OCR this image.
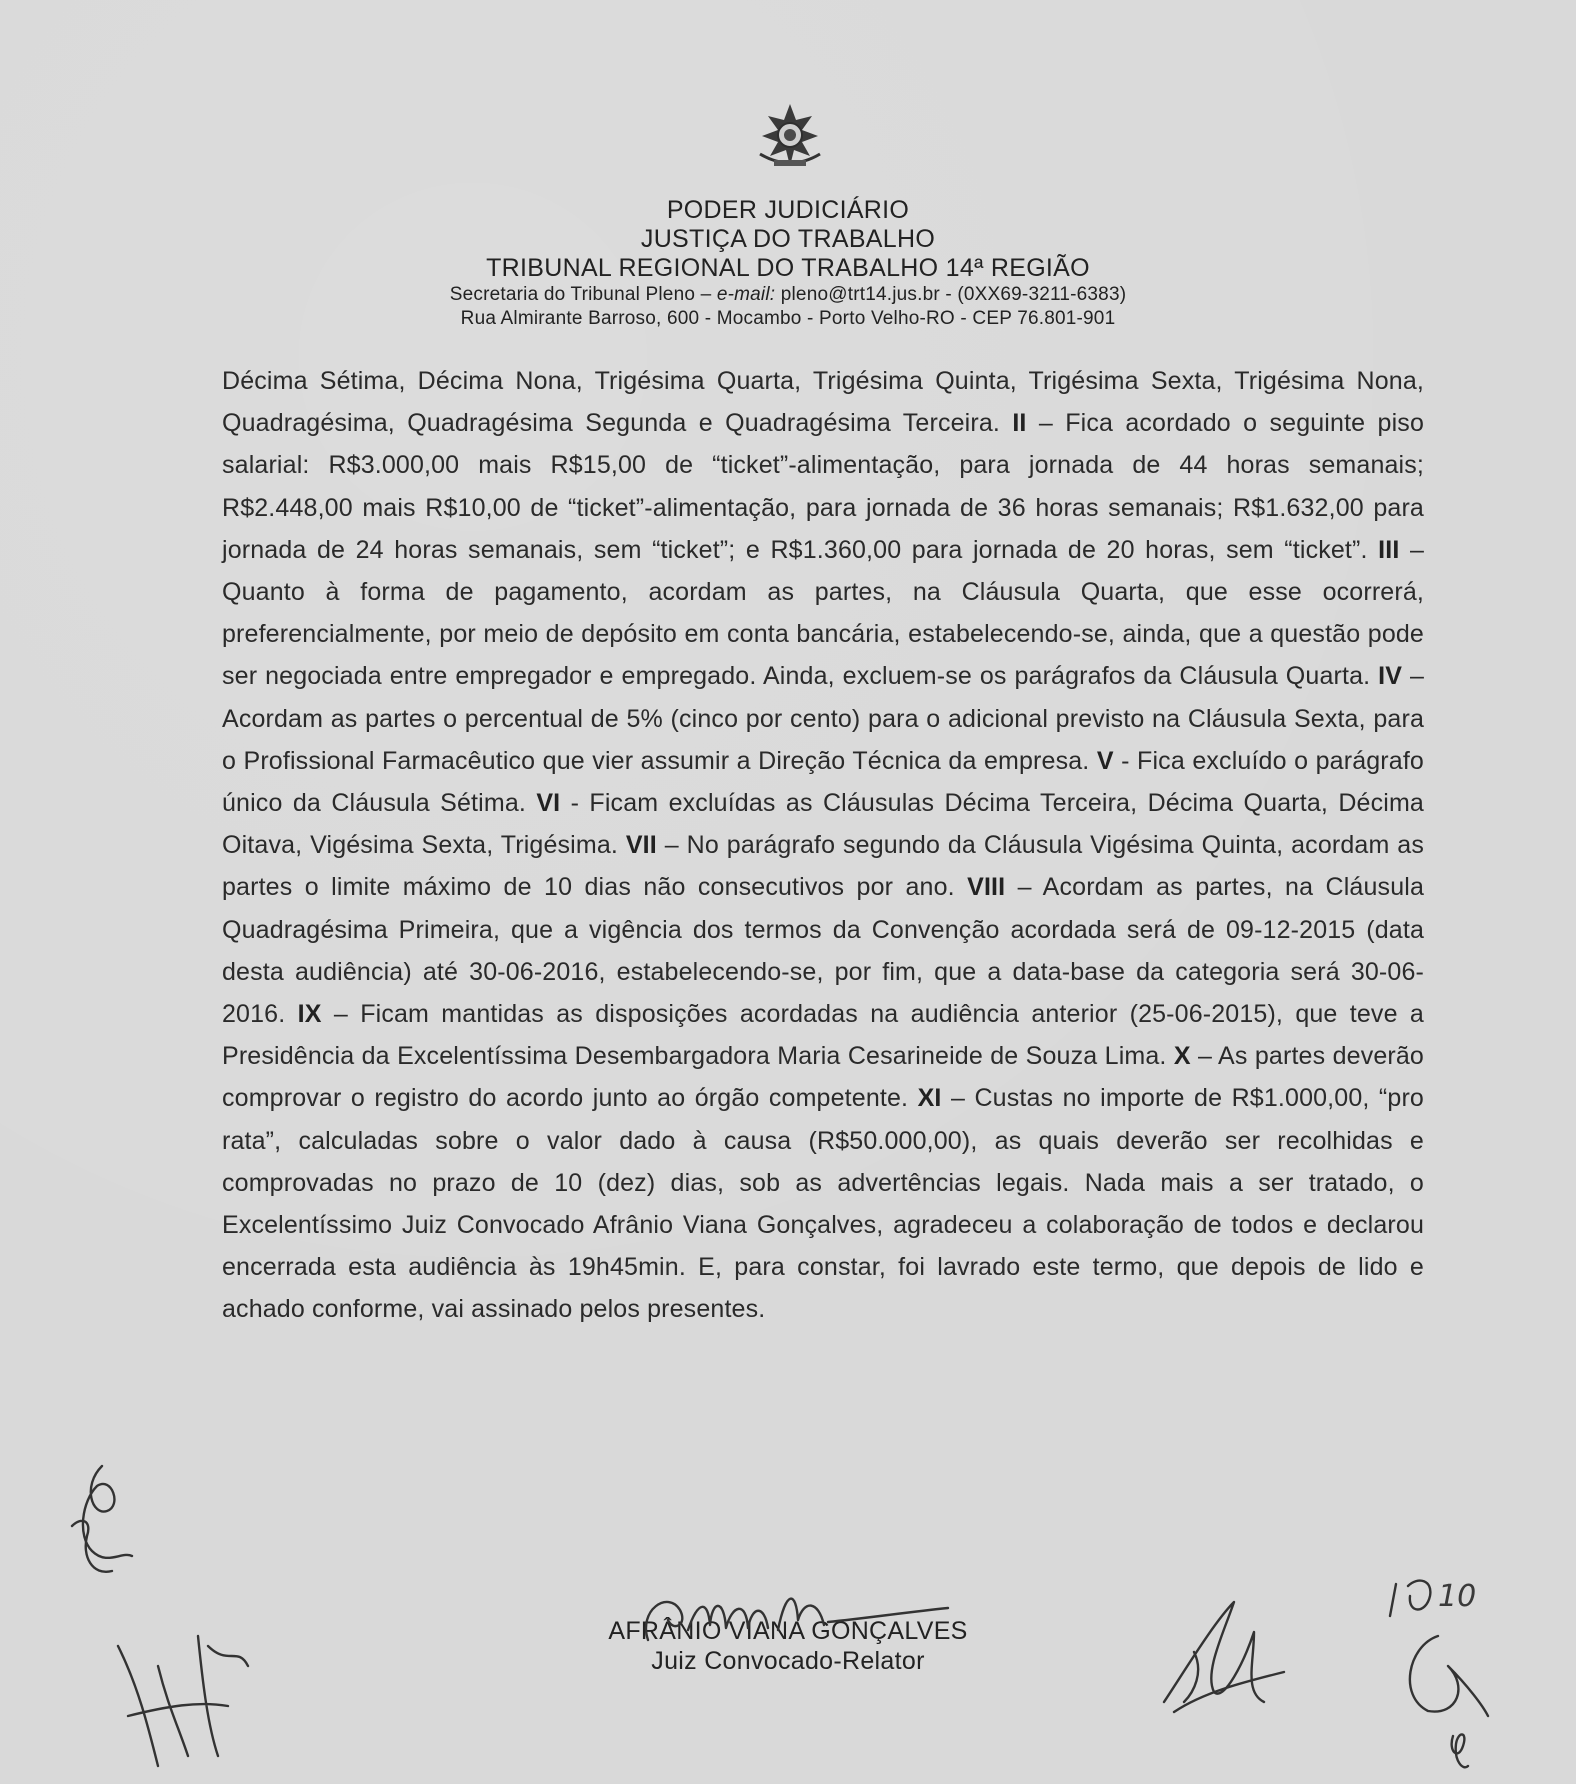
PODER JUDICIÁRIO
JUSTIÇA DO TRABALHO
TRIBUNAL REGIONAL DO TRABALHO 14ª REGIÃO
Secretaria do Tribunal Pleno – e-mail: pleno@trt14.jus.br - (0XX69-3211-6383)
Rua Almirante Barroso, 600 - Mocambo - Porto Velho-RO - CEP 76.801-901
Décima Sétima, Décima Nona, Trigésima Quarta, Trigésima Quinta, Trigésima Sexta, Trigésima Nona, Quadragésima, Quadragésima Segunda e Quadragésima Terceira. II – Fica acordado o seguinte piso salarial: R$3.000,00 mais R$15,00 de “ticket”-alimentação, para jornada de 44 horas semanais; R$2.448,00 mais R$10,00 de “ticket”-alimentação, para jornada de 36 horas semanais; R$1.632,00 para jornada de 24 horas semanais, sem “ticket”; e R$1.360,00 para jornada de 20 horas, sem “ticket”. III – Quanto à forma de pagamento, acordam as partes, na Cláusula Quarta, que esse ocorrerá, preferencialmente, por meio de depósito em conta bancária, estabelecendo-se, ainda, que a questão pode ser negociada entre empregador e empregado. Ainda, excluem-se os parágrafos da Cláusula Quarta. IV – Acordam as partes o percentual de 5% (cinco por cento) para o adicional previsto na Cláusula Sexta, para o Profissional Farmacêutico que vier assumir a Direção Técnica da empresa. V - Fica excluído o parágrafo único da Cláusula Sétima. VI - Ficam excluídas as Cláusulas Décima Terceira, Décima Quarta, Décima Oitava, Vigésima Sexta, Trigésima. VII – No parágrafo segundo da Cláusula Vigésima Quinta, acordam as partes o limite máximo de 10 dias não consecutivos por ano. VIII – Acordam as partes, na Cláusula Quadragésima Primeira, que a vigência dos termos da Convenção acordada será de 09-12-2015 (data desta audiência) até 30-06-2016, estabelecendo-se, por fim, que a data-base da categoria será 30-06-2016. IX – Ficam mantidas as disposições acordadas na audiência anterior (25-06-2015), que teve a Presidência da Excelentíssima Desembargadora Maria Cesarineide de Souza Lima. X – As partes deverão comprovar o registro do acordo junto ao órgão competente. XI – Custas no importe de R$1.000,00, “pro rata”, calculadas sobre o valor dado à causa (R$50.000,00), as quais deverão ser recolhidas e comprovadas no prazo de 10 (dez) dias, sob as advertências legais. Nada mais a ser tratado, o Excelentíssimo Juiz Convocado Afrânio Viana Gonçalves, agradeceu a colaboração de todos e declarou encerrada esta audiência às 19h45min. E, para constar, foi lavrado este termo, que depois de lido e achado conforme, vai assinado pelos presentes.
AFRÂNIO VIANA GONÇALVES
Juiz Convocado-Relator
10
